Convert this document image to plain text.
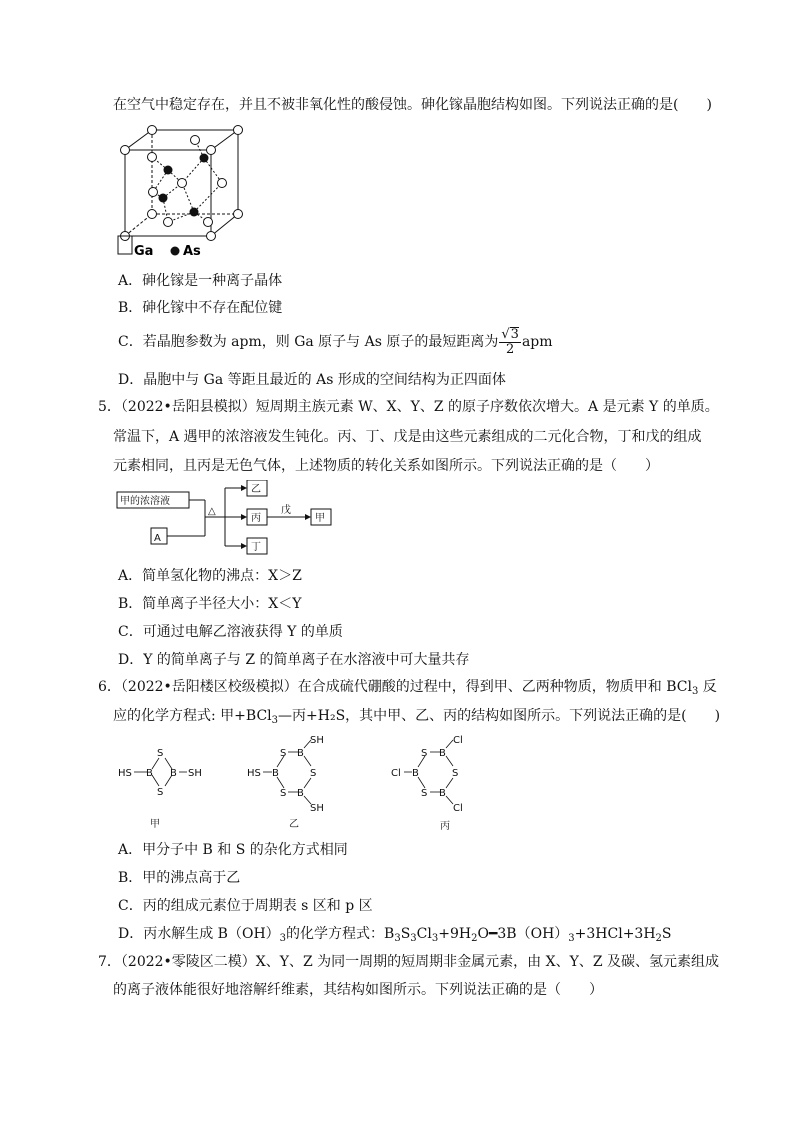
在空气中稳定存在，并且不被非氧化性的酸侵蚀。砷化镓晶胞结构如图。下列说法正确的是(　　)
Ga As
A．砷化镓是一种离子晶体
B．砷化镓中不存在配位键
C．若晶胞参数为 apm，则 Ga 原子与 As 原子的最短距离为 $\frac{√3}{2}$ apm
D．晶胞中与 Ga 等距且最近的 As 形成的空间结构为正四面体
5．（2022•岳阳县模拟）短周期主族元素 W、X、Y、Z 的原子序数依次增大。A 是元素 Y 的单质。
常温下，A 遇甲的浓溶液发生钝化。丙、丁、戊是由这些元素组成的二元化合物，丁和戊的组成
元素相同，且丙是无色气体，上述物质的转化关系如图所示。下列说法正确的是（　　）
甲的浓溶液
A
△
乙
丙
丁
戊
甲
A．简单氢化物的沸点：X＞Z
B．简单离子半径大小：X＜Y
C．可通过电解乙溶液获得 Y 的单质
D．Y 的简单离子与 Z 的简单离子在水溶液中可大量共存
6．（2022•岳阳楼区校级模拟）在合成硫代硼酸的过程中，得到甲、乙两种物质，物质甲和 BCl$_3$ 反
应的化学方程式: 甲+BCl$_3$—丙+H₂S，其中甲、乙、丙的结构如图所示。下列说法正确的是(　　)
HS B
S
S
B SH
甲
HS B
S B
SH
S
S B
SH
乙
Cl B
S B
Cl
S
S B
Cl
丙
A．甲分子中 B 和 S 的杂化方式相同
B．甲的沸点高于乙
C．丙的组成元素位于周期表 s 区和 p 区
D．丙水解生成 $B(OH)_3$的化学方程式：$B_3S_3Cl_3+9H_2O━3B(OH)_3+3HCl+3H_2S$
7．（2022•零陵区二模）X、Y、Z 为同一周期的短周期非金属元素，由 X、Y、Z 及碳、氢元素组成
的离子液体能很好地溶解纤维素，其结构如图所示。下列说法正确的是（　　）
